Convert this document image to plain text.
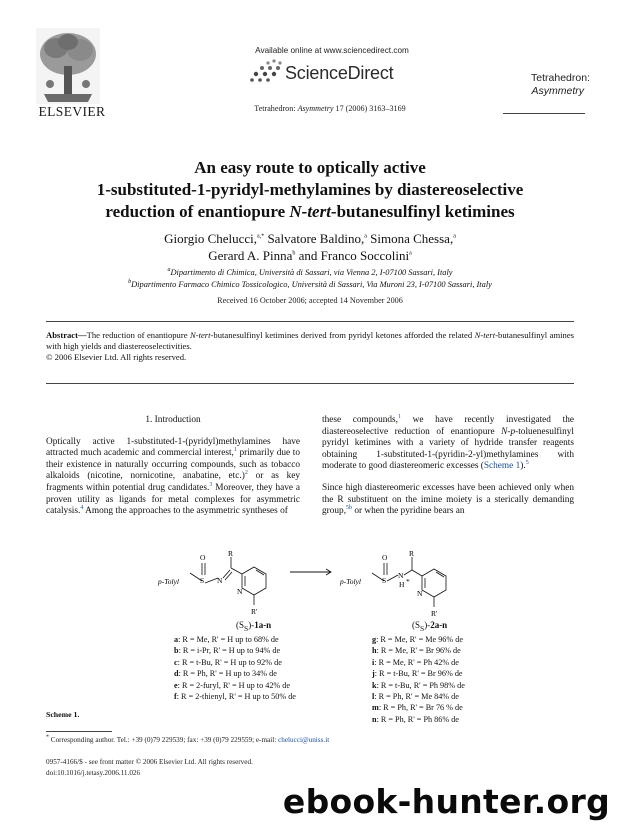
ELSEVIER
Available online at www.sciencedirect.com
ScienceDirect
Tetrahedron: Asymmetry 17 (2006) 3163–3169
Tetrahedron:
Asymmetry
An easy route to optically active
1-substituted-1-pyridyl-methylamines by diastereoselective
reduction of enantiopure N-tert-butanesulfinyl ketimines
Giorgio Chelucci,$^{a,*}$ Salvatore Baldino,$^a$ Simona Chessa,$^a$
Gerard A. Pinna$^b$ and Franco Soccolini$^a$
$^a$Dipartimento di Chimica, Università di Sassari, via Vienna 2, I-07100 Sassari, Italy
$^b$Dipartimento Farmaco Chimico Tossicologico, Università di Sassari, Via Muroni 23, I-07100 Sassari, Italy
Received 16 October 2006; accepted 14 November 2006
Abstract—The reduction of enantiopure N-tert-butanesulfinyl ketimines derived from pyridyl ketones afforded the related N-tert-butanesulfinyl amines with high yields and diastereoselectivities.
© 2006 Elsevier Ltd. All rights reserved.
1. Introduction

Optically active 1-substituted-1-(pyridyl)methylamines have attracted much academic and commercial interest,$^1$ primarily due to their existence in naturally occurring compounds, such as tobacco alkaloids (nicotine, nornicotine, anabatine, etc.)$^2$ or as key fragments within potential drug candidates.$^3$ Moreover, they have a proven utility as ligands for metal complexes for asymmetric catalysis.$^4$ Among the approaches to the asymmetric syntheses of

these compounds,$^1$ we have recently investigated the diastereoselective reduction of enantiopure N-p-toluenesulfinyl pyridyl ketimines with a variety of hydride transfer reagents obtaining 1-substituted-1-(pyridin-2-yl)methylamines with moderate to good diastereomeric excesses (Scheme 1).$^5$

Since high diastereomeric excesses have been achieved only when the R substituent on the imine moiety is a sterically demanding group,$^{5b}$ or when the pyridine bears an

O
S N
R
N
R'
p-Tolyl
O
S
N
H *
R
N
R'
p-Tolyl
$(S_S)-1a-n$	$(S_S)-2a-n$
a: R = Me, R' = H up to 68% de
b: R = i-Pr, R' = H up to 94% de
c: R = t-Bu, R' = H up to 92% de
d: R = Ph, R' = H up to 34% de
e: R = 2-furyl, R' = H up to 42% de
f: R = 2-thienyl, R' = H up to 50% de
g: R = Me, R' = Me 96% de
h: R = Me, R' = Br 96% de
i: R = Me, R' = Ph 42% de
j: R = t-Bu, R' = Br 96% de
k: R = t-Bu, R' = Ph 98% de
l: R = Ph, R' = Me 84% de
m: R = Ph, R' = Br 76 % de
n: R = Ph, R' = Ph 86% de
Scheme 1.
* Corresponding author. Tel.: +39 (0)79 229539; fax: +39 (0)79 229559; e-mail: chelucci@uniss.it
0957-4166/$ - see front matter © 2006 Elsevier Ltd. All rights reserved.
doi:10.1016/j.tetasy.2006.11.026
ebook-hunter.org
